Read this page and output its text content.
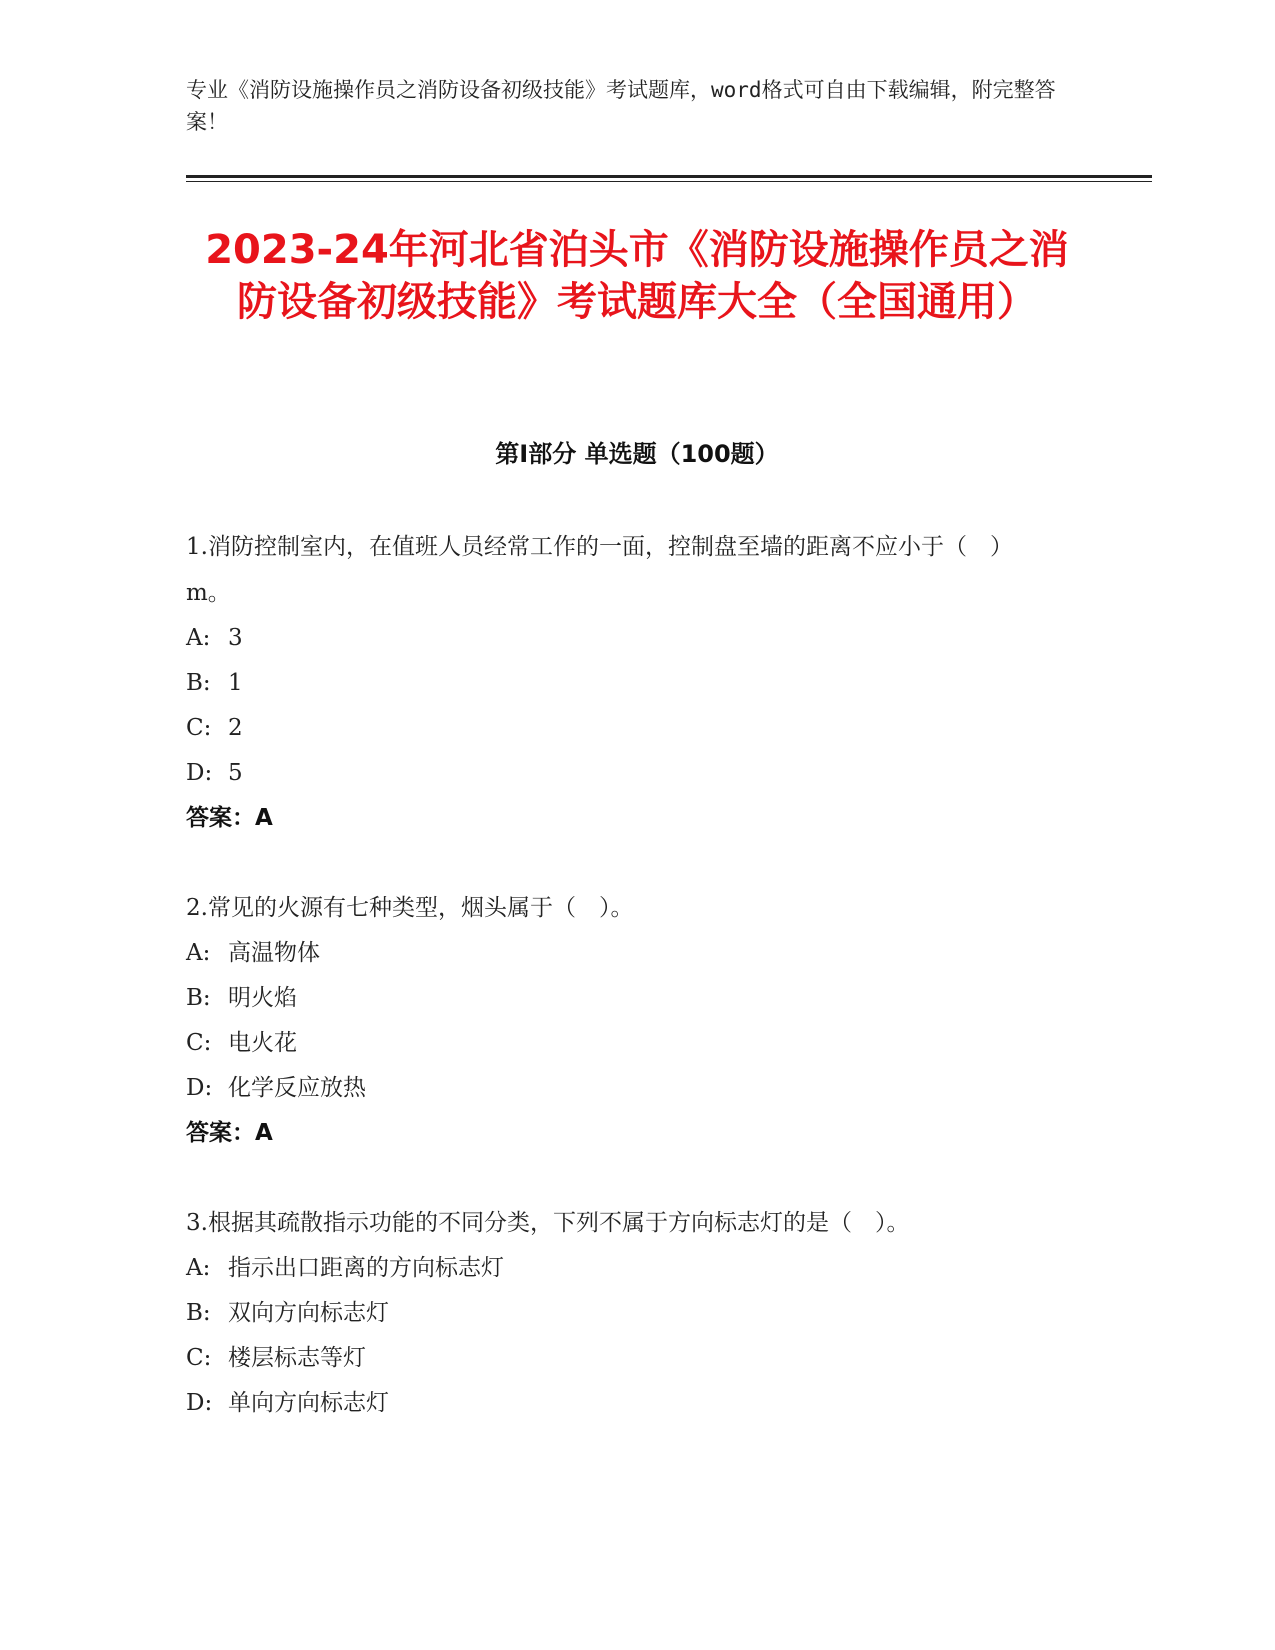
专业《消防设施操作员之消防设备初级技能》考试题库，word格式可自由下载编辑，附完整答案！
2023-24年河北省泊头市《消防设施操作员之消防设备初级技能》考试题库大全（全国通用）
第I部分 单选题（100题）
1.消防控制室内，在值班人员经常工作的一面，控制盘至墙的距离不应小于（　）m。
A: 3
B: 1
C: 2
D: 5
答案：A
2.常见的火源有七种类型，烟头属于（　）。
A: 高温物体
B: 明火焰
C: 电火花
D: 化学反应放热
答案：A
3.根据其疏散指示功能的不同分类，下列不属于方向标志灯的是（　）。
A: 指示出口距离的方向标志灯
B: 双向方向标志灯
C: 楼层标志等灯
D: 单向方向标志灯
